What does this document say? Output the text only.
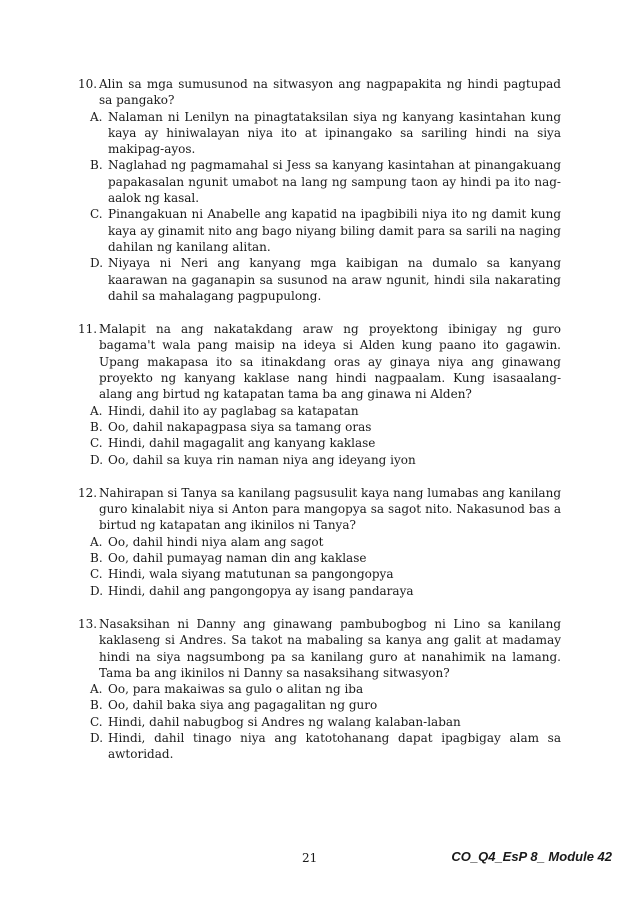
10. Alin sa mga sumusunod na sitwasyon ang nagpapakita ng hindi pagtupad sa pangako?
A. Nalaman ni Lenilyn na pinagtataksilan siya ng kanyang kasintahan kung kaya ay hiniwalayan niya ito at ipinangako sa sariling hindi na siya makipag-ayos.
B. Naglahad ng pagmamahal si Jess sa kanyang kasintahan at pinangakuang papakasalan ngunit umabot na lang ng sampung taon ay hindi pa ito nag-aalok ng kasal.
C. Pinangakuan ni Anabelle ang kapatid na ipagbibili niya ito ng damit kung kaya ay ginamit nito ang bago niyang biling damit para sa sarili na naging dahilan ng kanilang alitan.
D. Niyaya ni Neri ang kanyang mga kaibigan na dumalo sa kanyang kaarawan na gaganapin sa susunod na araw ngunit, hindi sila nakarating dahil sa mahalagang pagpupulong.
11. Malapit na ang nakatakdang araw ng proyektong ibinigay ng guro bagama't wala pang maisip na ideya si Alden kung paano ito gagawin. Upang makapasa ito sa itinakdang oras ay ginaya niya ang ginawang proyekto ng kanyang kaklase nang hindi nagpaalam. Kung isasaalang-alang ang birtud ng katapatan tama ba ang ginawa ni Alden?
A. Hindi, dahil ito ay paglabag sa katapatan
B. Oo, dahil nakapagpasa siya sa tamang oras
C. Hindi, dahil magagalit ang kanyang kaklase
D. Oo, dahil sa kuya rin naman niya ang ideyang iyon
12. Nahirapan si Tanya sa kanilang pagsusulit kaya nang lumabas ang kanilang guro kinalabit niya si Anton para mangopya sa sagot nito. Nakasunod bas a birtud ng katapatan ang ikinilos ni Tanya?
A. Oo, dahil hindi niya alam ang sagot
B. Oo, dahil pumayag naman din ang kaklase
C. Hindi, wala siyang matutunan sa pangongopya
D. Hindi, dahil ang pangongopya ay isang pandaraya
13. Nasaksihan ni Danny ang ginawang pambubogbog ni Lino sa kanilang kaklaseng si Andres. Sa takot na mabaling sa kanya ang galit at madamay hindi na siya nagsumbong pa sa kanilang guro at nanahimik na lamang. Tama ba ang ikinilos ni Danny sa nasaksihang sitwasyon?
A. Oo, para makaiwas sa gulo o alitan ng iba
B. Oo, dahil baka siya ang pagagalitan ng guro
C. Hindi, dahil nabugbog si Andres ng walang kalaban-laban
D. Hindi, dahil tinago niya ang katotohanang dapat ipagbigay alam sa awtoridad.
21	CO_Q4_EsP 8_ Module 42
